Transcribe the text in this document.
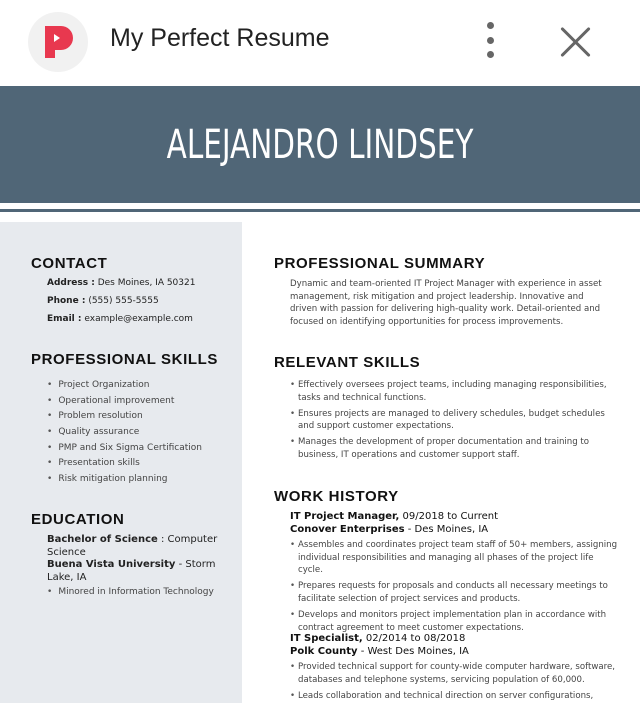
My Perfect Resume
ALEJANDRO LINDSEY
CONTACT
Address : Des Moines, IA 50321
Phone : (555) 555-5555
Email : example@example.com
PROFESSIONAL SKILLS
• Project Organization
• Operational improvement
• Problem resolution
• Quality assurance
• PMP and Six Sigma Certification
• Presentation skills
• Risk mitigation planning
EDUCATION
Bachelor of Science : Computer Science
Buena Vista University - Storm Lake, IA
• Minored in Information Technology
PROFESSIONAL SUMMARY
Dynamic and team-oriented IT Project Manager with experience in asset management, risk mitigation and project leadership. Innovative and driven with passion for delivering high-quality work. Detail-oriented and focused on identifying opportunities for process improvements.
RELEVANT SKILLS
• Effectively oversees project teams, including managing responsibilities, tasks and technical functions.
• Ensures projects are managed to delivery schedules, budget schedules and support customer expectations.
• Manages the development of proper documentation and training to business, IT operations and customer support staff.
WORK HISTORY
IT Project Manager, 09/2018 to Current
Conover Enterprises - Des Moines, IA
• Assembles and coordinates project team staff of 50+ members, assigning individual responsibilities and managing all phases of the project life cycle.
• Prepares requests for proposals and conducts all necessary meetings to facilitate selection of project services and products.
• Develops and monitors project implementation plan in accordance with contract agreement to meet customer expectations.
IT Specialist, 02/2014 to 08/2018
Polk County - West Des Moines, IA
• Provided technical support for county-wide computer hardware, software, databases and telephone systems, servicing population of 60,000.
• Leads collaboration and technical direction on server configurations,
